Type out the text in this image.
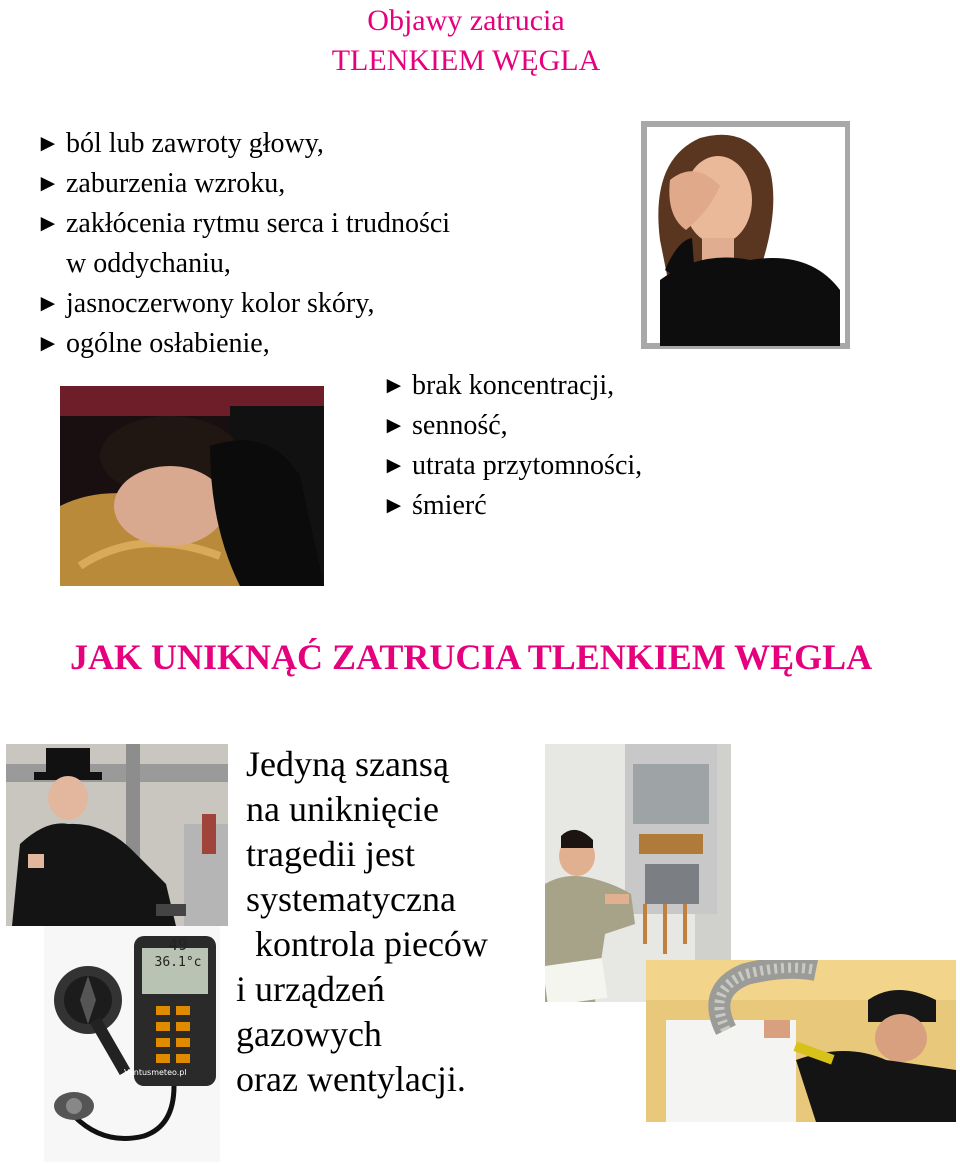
Objawy zatrucia
TLENKIEM WĘGLA
► ból lub zawroty głowy,
► zaburzenia wzroku,
► zakłócenia rytmu serca i trudności
w oddychaniu,
► jasnoczerwony kolor skóry,
► ogólne osłabienie,
► brak koncentracji,
► senność,
► utrata przytomności,
► śmierć
JAK UNIKNĄĆ ZATRUCIA TLENKIEM WĘGLA
49
36.1°c
Ventusmeteo.pl
Jedyną szansą
na uniknięcie
tragedii jest
systematyczna
kontrola pieców
i urządzeń
gazowych
oraz wentylacji.
